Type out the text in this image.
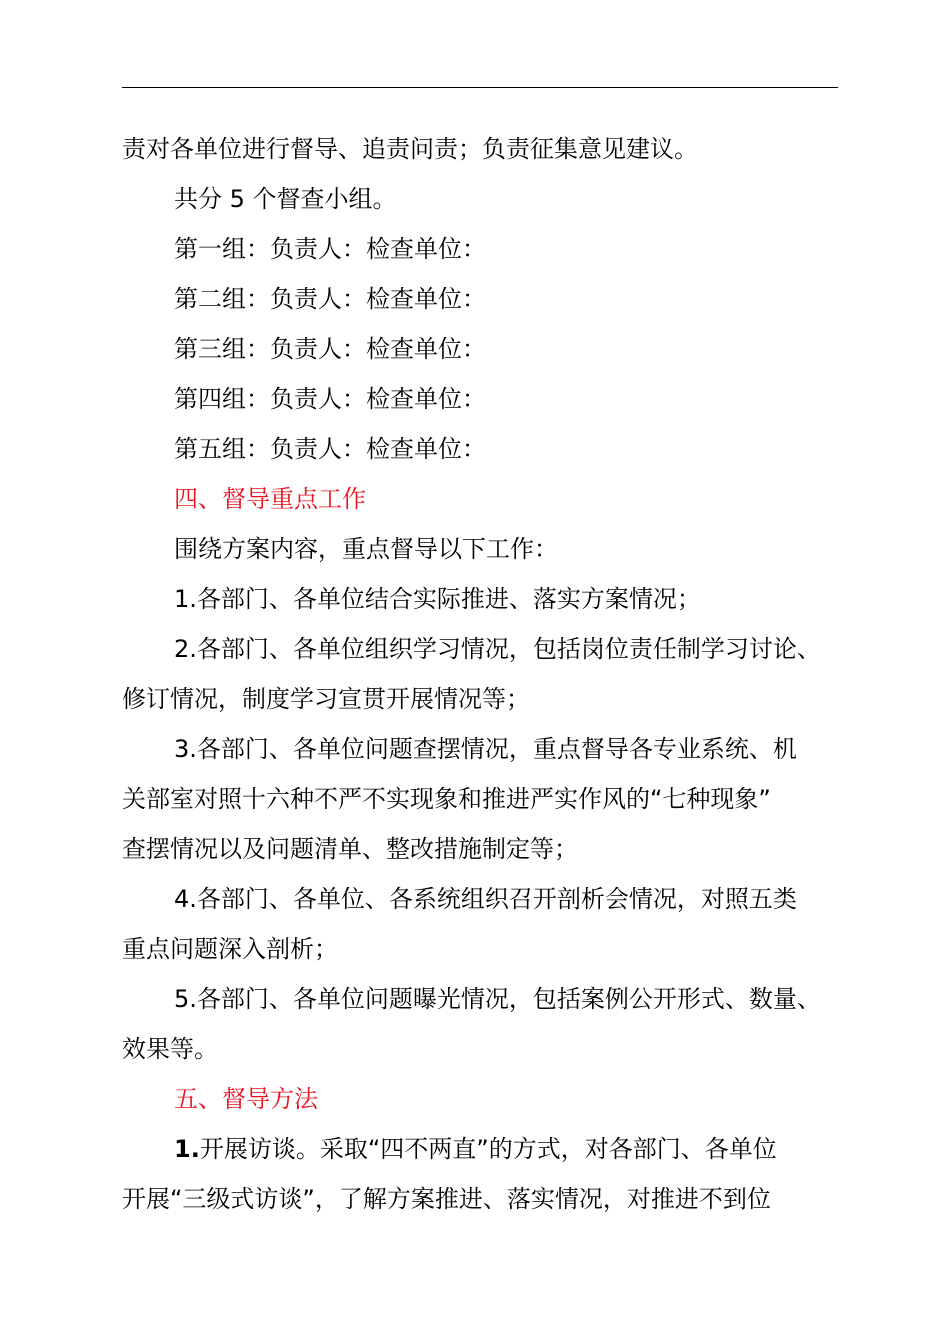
责对各单位进行督导、追责问责；负责征集意见建议。
共分 5 个督查小组。
第一组：负责人：检查单位：
第二组：负责人：检查单位：
第三组：负责人：检查单位：
第四组：负责人：检查单位：
第五组：负责人：检查单位：
四、督导重点工作
围绕方案内容，重点督导以下工作：
1.各部门、各单位结合实际推进、落实方案情况；
2.各部门、各单位组织学习情况，包括岗位责任制学习讨论、
修订情况，制度学习宣贯开展情况等；
3.各部门、各单位问题查摆情况，重点督导各专业系统、机
关部室对照十六种不严不实现象和推进严实作风的“七种现象”
查摆情况以及问题清单、整改措施制定等；
4.各部门、各单位、各系统组织召开剖析会情况，对照五类
重点问题深入剖析；
5.各部门、各单位问题曝光情况，包括案例公开形式、数量、
效果等。
五、督导方法
1.开展访谈。采取“四不两直”的方式，对各部门、各单位
开展“三级式访谈”，了解方案推进、落实情况，对推进不到位
